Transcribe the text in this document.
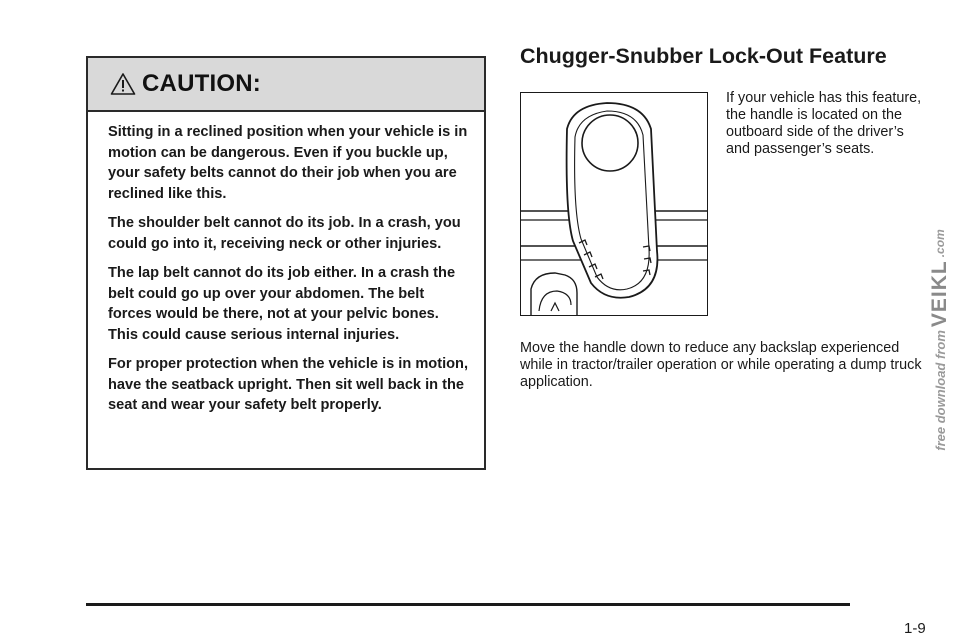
CAUTION:

Sitting in a reclined position when your vehicle is in motion can be dangerous. Even if you buckle up, your safety belts cannot do their job when you are reclined like this.

The shoulder belt cannot do its job. In a crash, you could go into it, receiving neck or other injuries.

The lap belt cannot do its job either. In a crash the belt could go up over your abdomen. The belt forces would be there, not at your pelvic bones. This could cause serious internal injuries.

For proper protection when the vehicle is in motion, have the seatback upright. Then sit well back in the seat and wear your safety belt properly.

Chugger-Snubber Lock-Out Feature

If your vehicle has this feature, the handle is located on the outboard side of the driver’s and passenger’s seats.

Move the handle down to reduce any backslap experienced while in tractor/trailer operation or while operating a dump truck application.	free download from
VEIKL
.com
1-9
